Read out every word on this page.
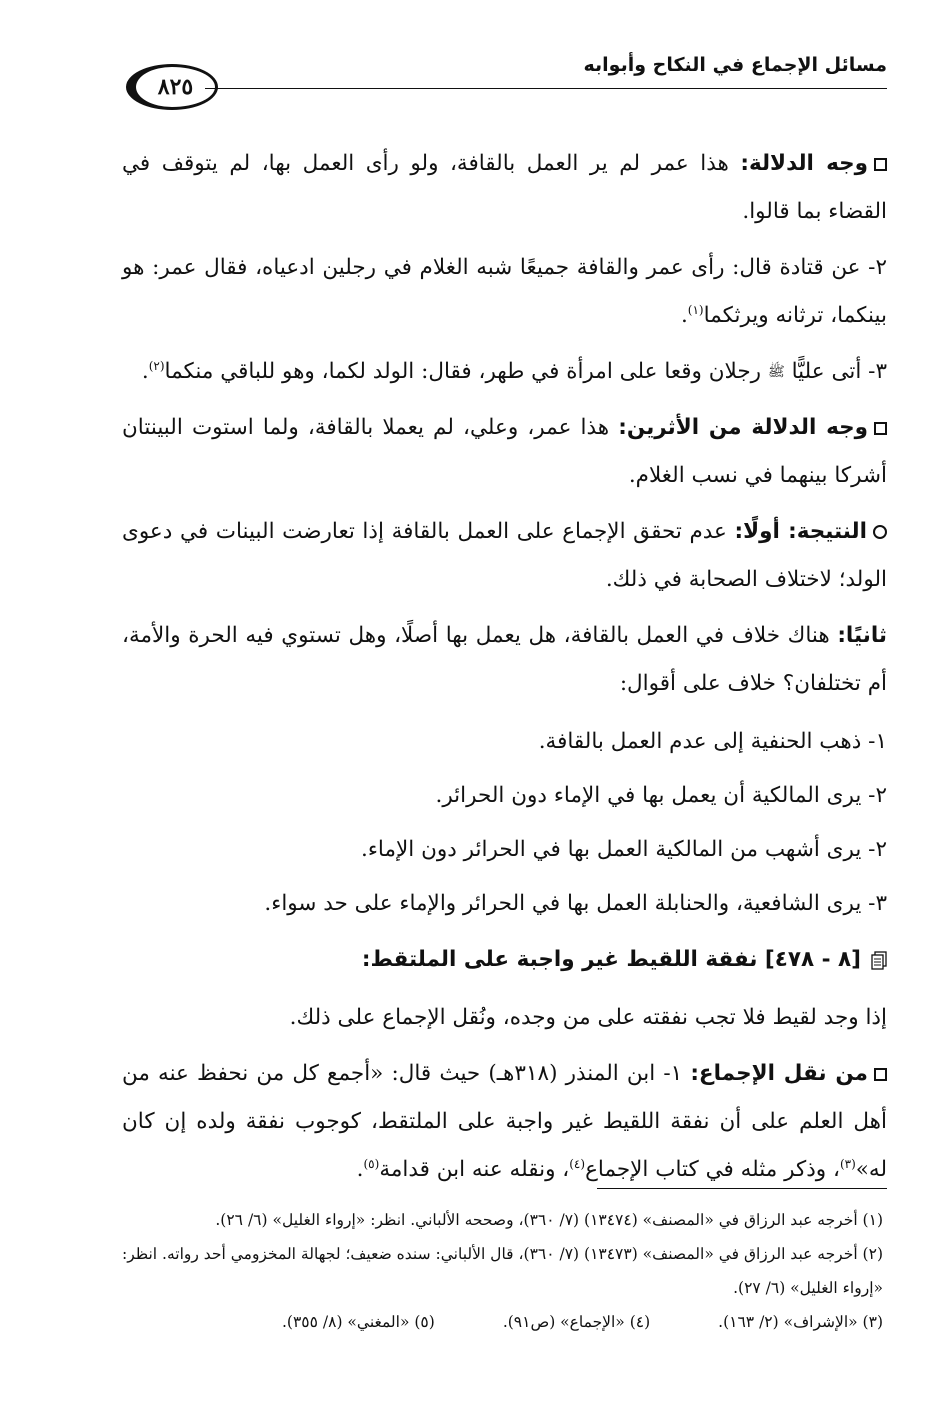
مسائل الإجماع في النكاح وأبوابه
٨٢٥

وجه الدلالة: هذا عمر لم ير العمل بالقافة، ولو رأى العمل بها، لم يتوقف في القضاء بما قالوا.

٢- عن قتادة قال: رأى عمر والقافة جميعًا شبه الغلام في رجلين ادعياه، فقال عمر: هو بينكما، ترثانه ويرثكما$^{(١)}$.

٣- أتى عليًّا ﷺ رجلان وقعا على امرأة في طهر، فقال: الولد لكما، وهو للباقي منكما$^{(٢)}$.

وجه الدلالة من الأثرين: هذا عمر، وعلي، لم يعملا بالقافة، ولما استوت البينتان أشركا بينهما في نسب الغلام.

النتيجة: أولًا: عدم تحقق الإجماع على العمل بالقافة إذا تعارضت البينات في دعوى الولد؛ لاختلاف الصحابة في ذلك.

ثانيًا: هناك خلاف في العمل بالقافة، هل يعمل بها أصلًا، وهل تستوي فيه الحرة والأمة، أم تختلفان؟ خلاف على أقوال:

١- ذهب الحنفية إلى عدم العمل بالقافة.

٢- يرى المالكية أن يعمل بها في الإماء دون الحرائر.

٢- يرى أشهب من المالكية العمل بها في الحرائر دون الإماء.

٣- يرى الشافعية، والحنابلة العمل بها في الحرائر والإماء على حد سواء.

[٨ - ٤٧٨] نفقة اللقيط غير واجبة على الملتقط:

إذا وجد لقيط فلا تجب نفقته على من وجده، ونُقل الإجماع على ذلك.

من نقل الإجماع: ١- ابن المنذر (٣١٨هـ) حيث قال: «أجمع كل من نحفظ عنه من أهل العلم على أن نفقة اللقيط غير واجبة على الملتقط، كوجوب نفقة ولده إن كان له»$^{(٣)}$، وذكر مثله في كتاب الإجماع$^{(٤)}$، ونقله عنه ابن قدامة$^{(٥)}$.

(١) أخرجه عبد الرزاق في «المصنف» (١٣٤٧٤) (٧/ ٣٦٠)، وصححه الألباني. انظر: «إرواء الغليل» (٦/ ٢٦).

(٢) أخرجه عبد الرزاق في «المصنف» (١٣٤٧٣) (٧/ ٣٦٠)، قال الألباني: سنده ضعيف؛ لجهالة المخزومي أحد رواته. انظر: «إرواء الغليل» (٦/ ٢٧).

(٣) «الإشراف» (٢/ ١٦٣).(٤) «الإجماع» (ص٩١).(٥) «المغني» (٨/ ٣٥٥).
